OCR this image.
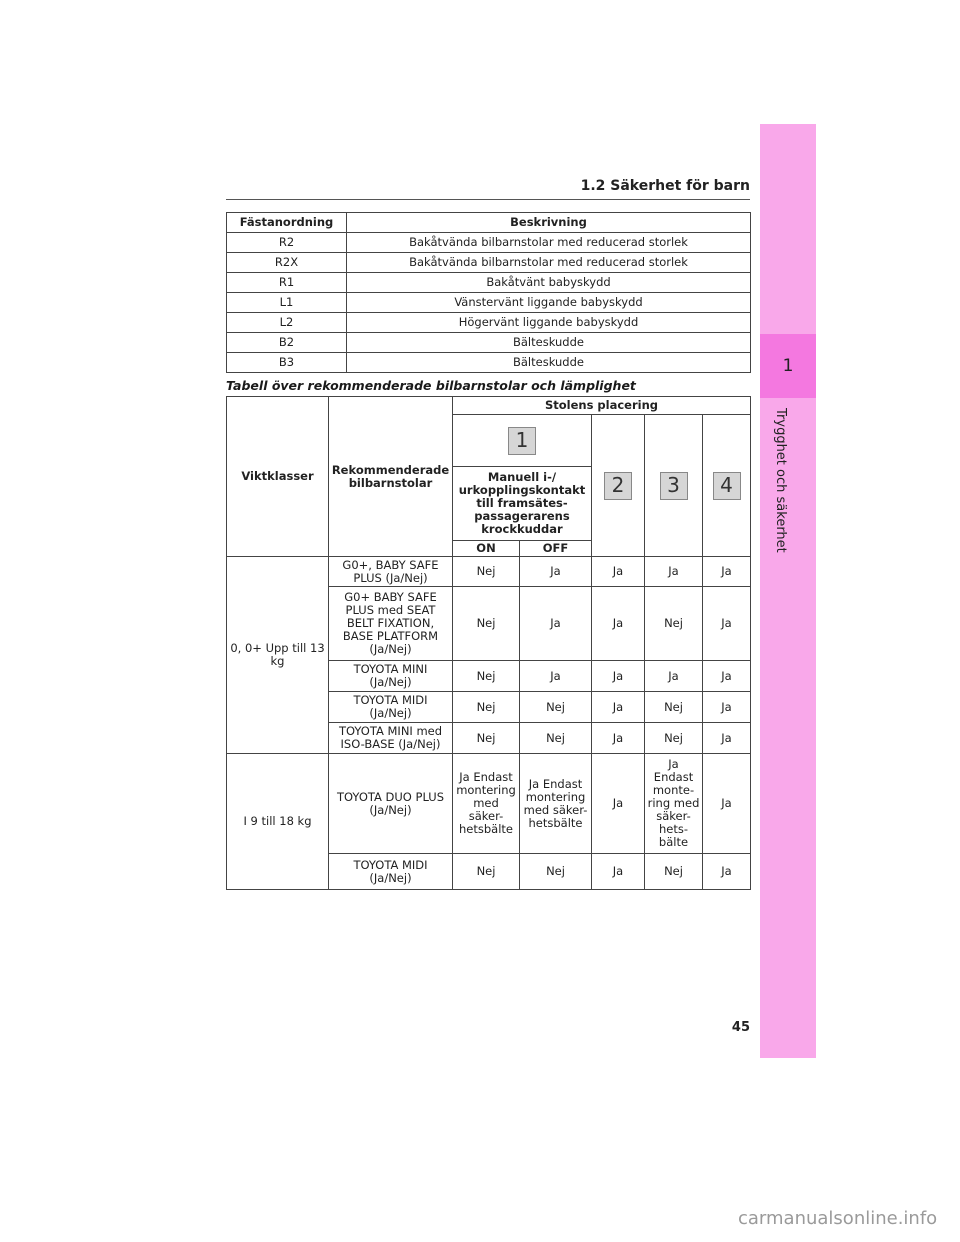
1
Trygghet och säkerhet
1.2 Säkerhet för barn
Fästanordning	Beskrivning
R2	Bakåtvända bilbarnstolar med reducerad storlek
R2X	Bakåtvända bilbarnstolar med reducerad storlek
R1	Bakåtvänt babyskydd
L1	Vänstervänt liggande babyskydd
L2	Högervänt liggande babyskydd
B2	Bälteskudde
B3	Bälteskudde
Tabell över rekommenderade bilbarnstolar och lämplighet
Viktklasser	Rekommenderade bilbarnstolar	Stolens placering				
		1		2	3	4
		Manuell i-/ urkopplingskontakt till framsätes-passagerarens krockkuddar				
		ON	OFF			
0, 0+ Upp till 13 kg	G0+, BABY SAFE PLUS (Ja/Nej)	Nej	Ja	Ja	Ja	Ja
	G0+ BABY SAFE PLUS med SEAT BELT FIXATION, BASE PLATFORM (Ja/Nej)	Nej	Ja	Ja	Nej	Ja
	TOYOTA MINI (Ja/Nej)	Nej	Ja	Ja	Ja	Ja
	TOYOTA MIDI (Ja/Nej)	Nej	Nej	Ja	Nej	Ja
	TOYOTA MINI med ISO-BASE (Ja/Nej)	Nej	Nej	Ja	Nej	Ja
I 9 till 18 kg	TOYOTA DUO PLUS (Ja/Nej)	Ja Endast montering med säker-hetsbälte	Ja Endast montering med säker-hetsbälte	Ja	Ja Endast monte-ring med säker-hets-bälte	Ja
	TOYOTA MIDI (Ja/Nej)	Nej	Nej	Ja	Nej	Ja
45
carmanualsonline.info
